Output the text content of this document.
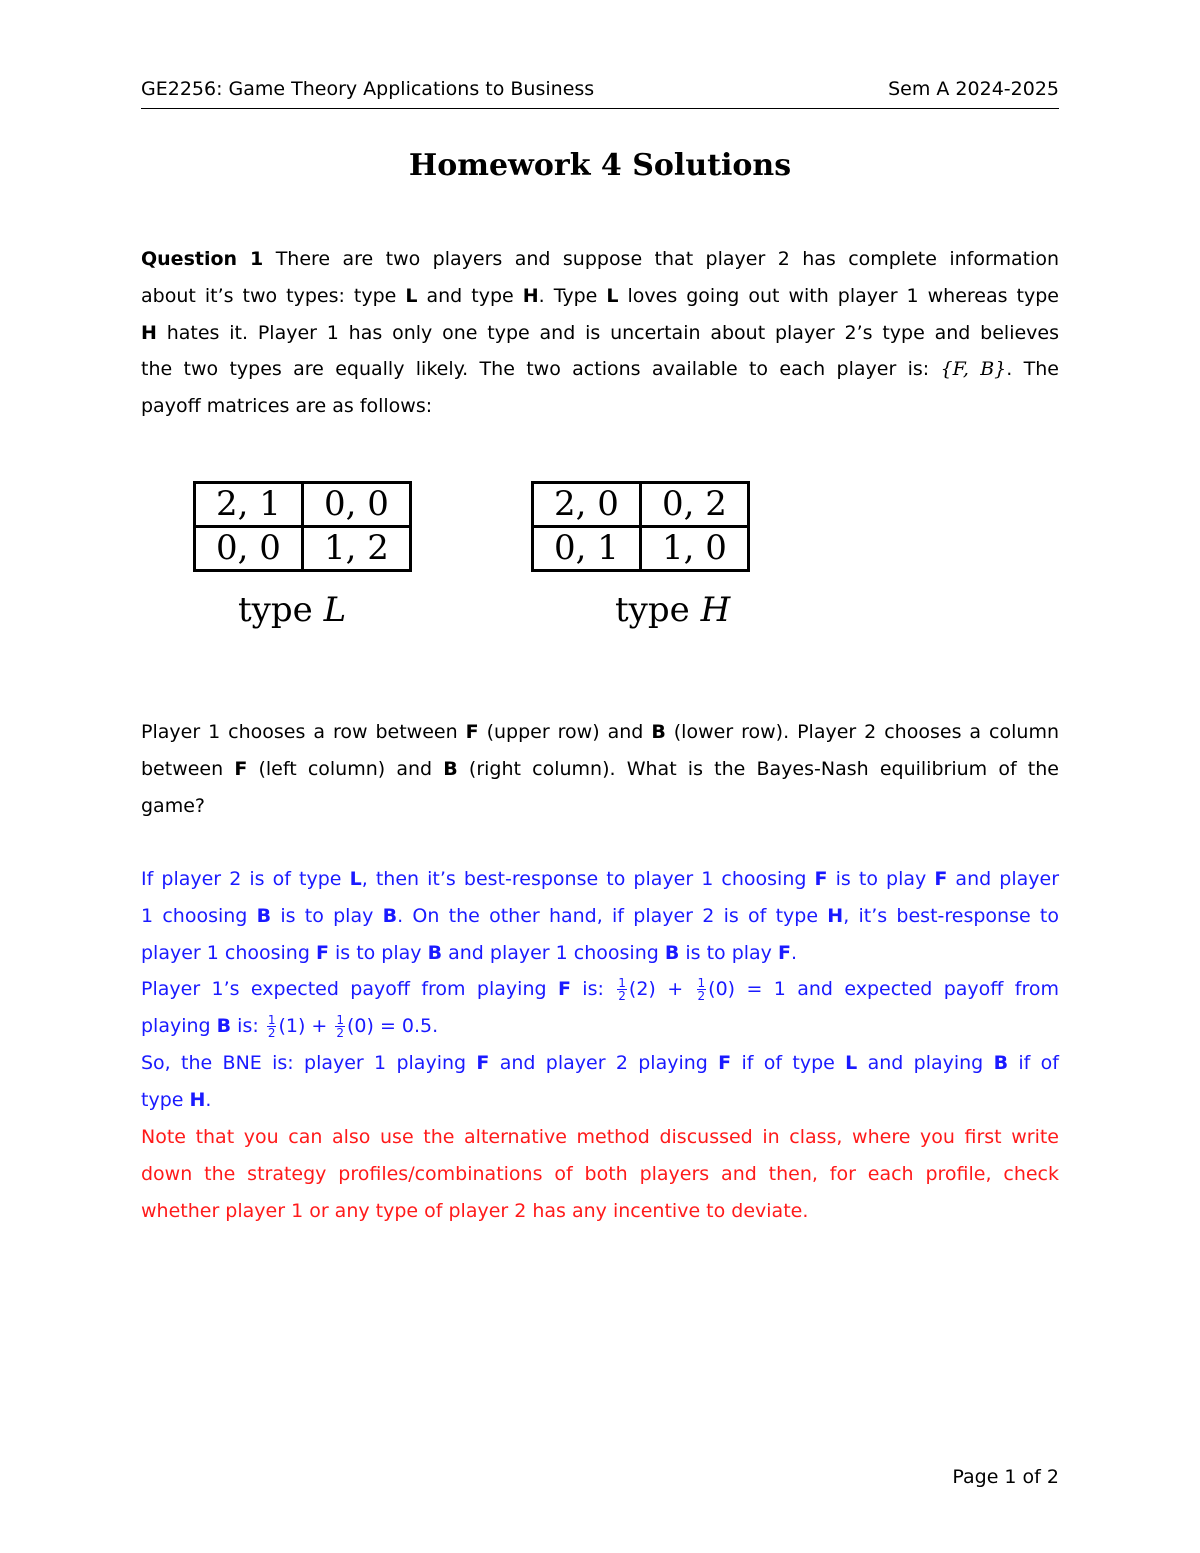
GE2256: Game Theory Applications to Business	Sem A 2024-2025
Homework 4 Solutions
Question 1 There are two players and suppose that player 2 has complete information
about it’s two types: type L and type H. Type L loves going out with player 1 whereas type
H hates it. Player 1 has only one type and is uncertain about player 2’s type and believes
the two types are equally likely. The two actions available to each player is: {F, B}. The
payoff matrices are as follows:
2, 1	0, 0
0, 0	1, 2
type L
2, 0	0, 2
0, 1	1, 0
type H
Player 1 chooses a row between F (upper row) and B (lower row). Player 2 chooses a column
between F (left column) and B (right column). What is the Bayes-Nash equilibrium of the
game?
If player 2 is of type L, then it’s best-response to player 1 choosing F is to play F and player
1 choosing B is to play B. On the other hand, if player 2 is of type H, it’s best-response to
player 1 choosing F is to play B and player 1 choosing B is to play F.
Player 1’s expected payoff from playing F is: $\frac{1}{2} (2) + \frac{1}{2} (0) = 1$ and expected payoff from
playing B is: $\frac{1}{2} (1) + \frac{1}{2} (0) = 0.5$.
So, the BNE is: player 1 playing F and player 2 playing F if of type L and playing B if of
type H.
Note that you can also use the alternative method discussed in class, where you first write
down the strategy profiles/combinations of both players and then, for each profile, check
whether player 1 or any type of player 2 has any incentive to deviate.
Page 1 of 2
